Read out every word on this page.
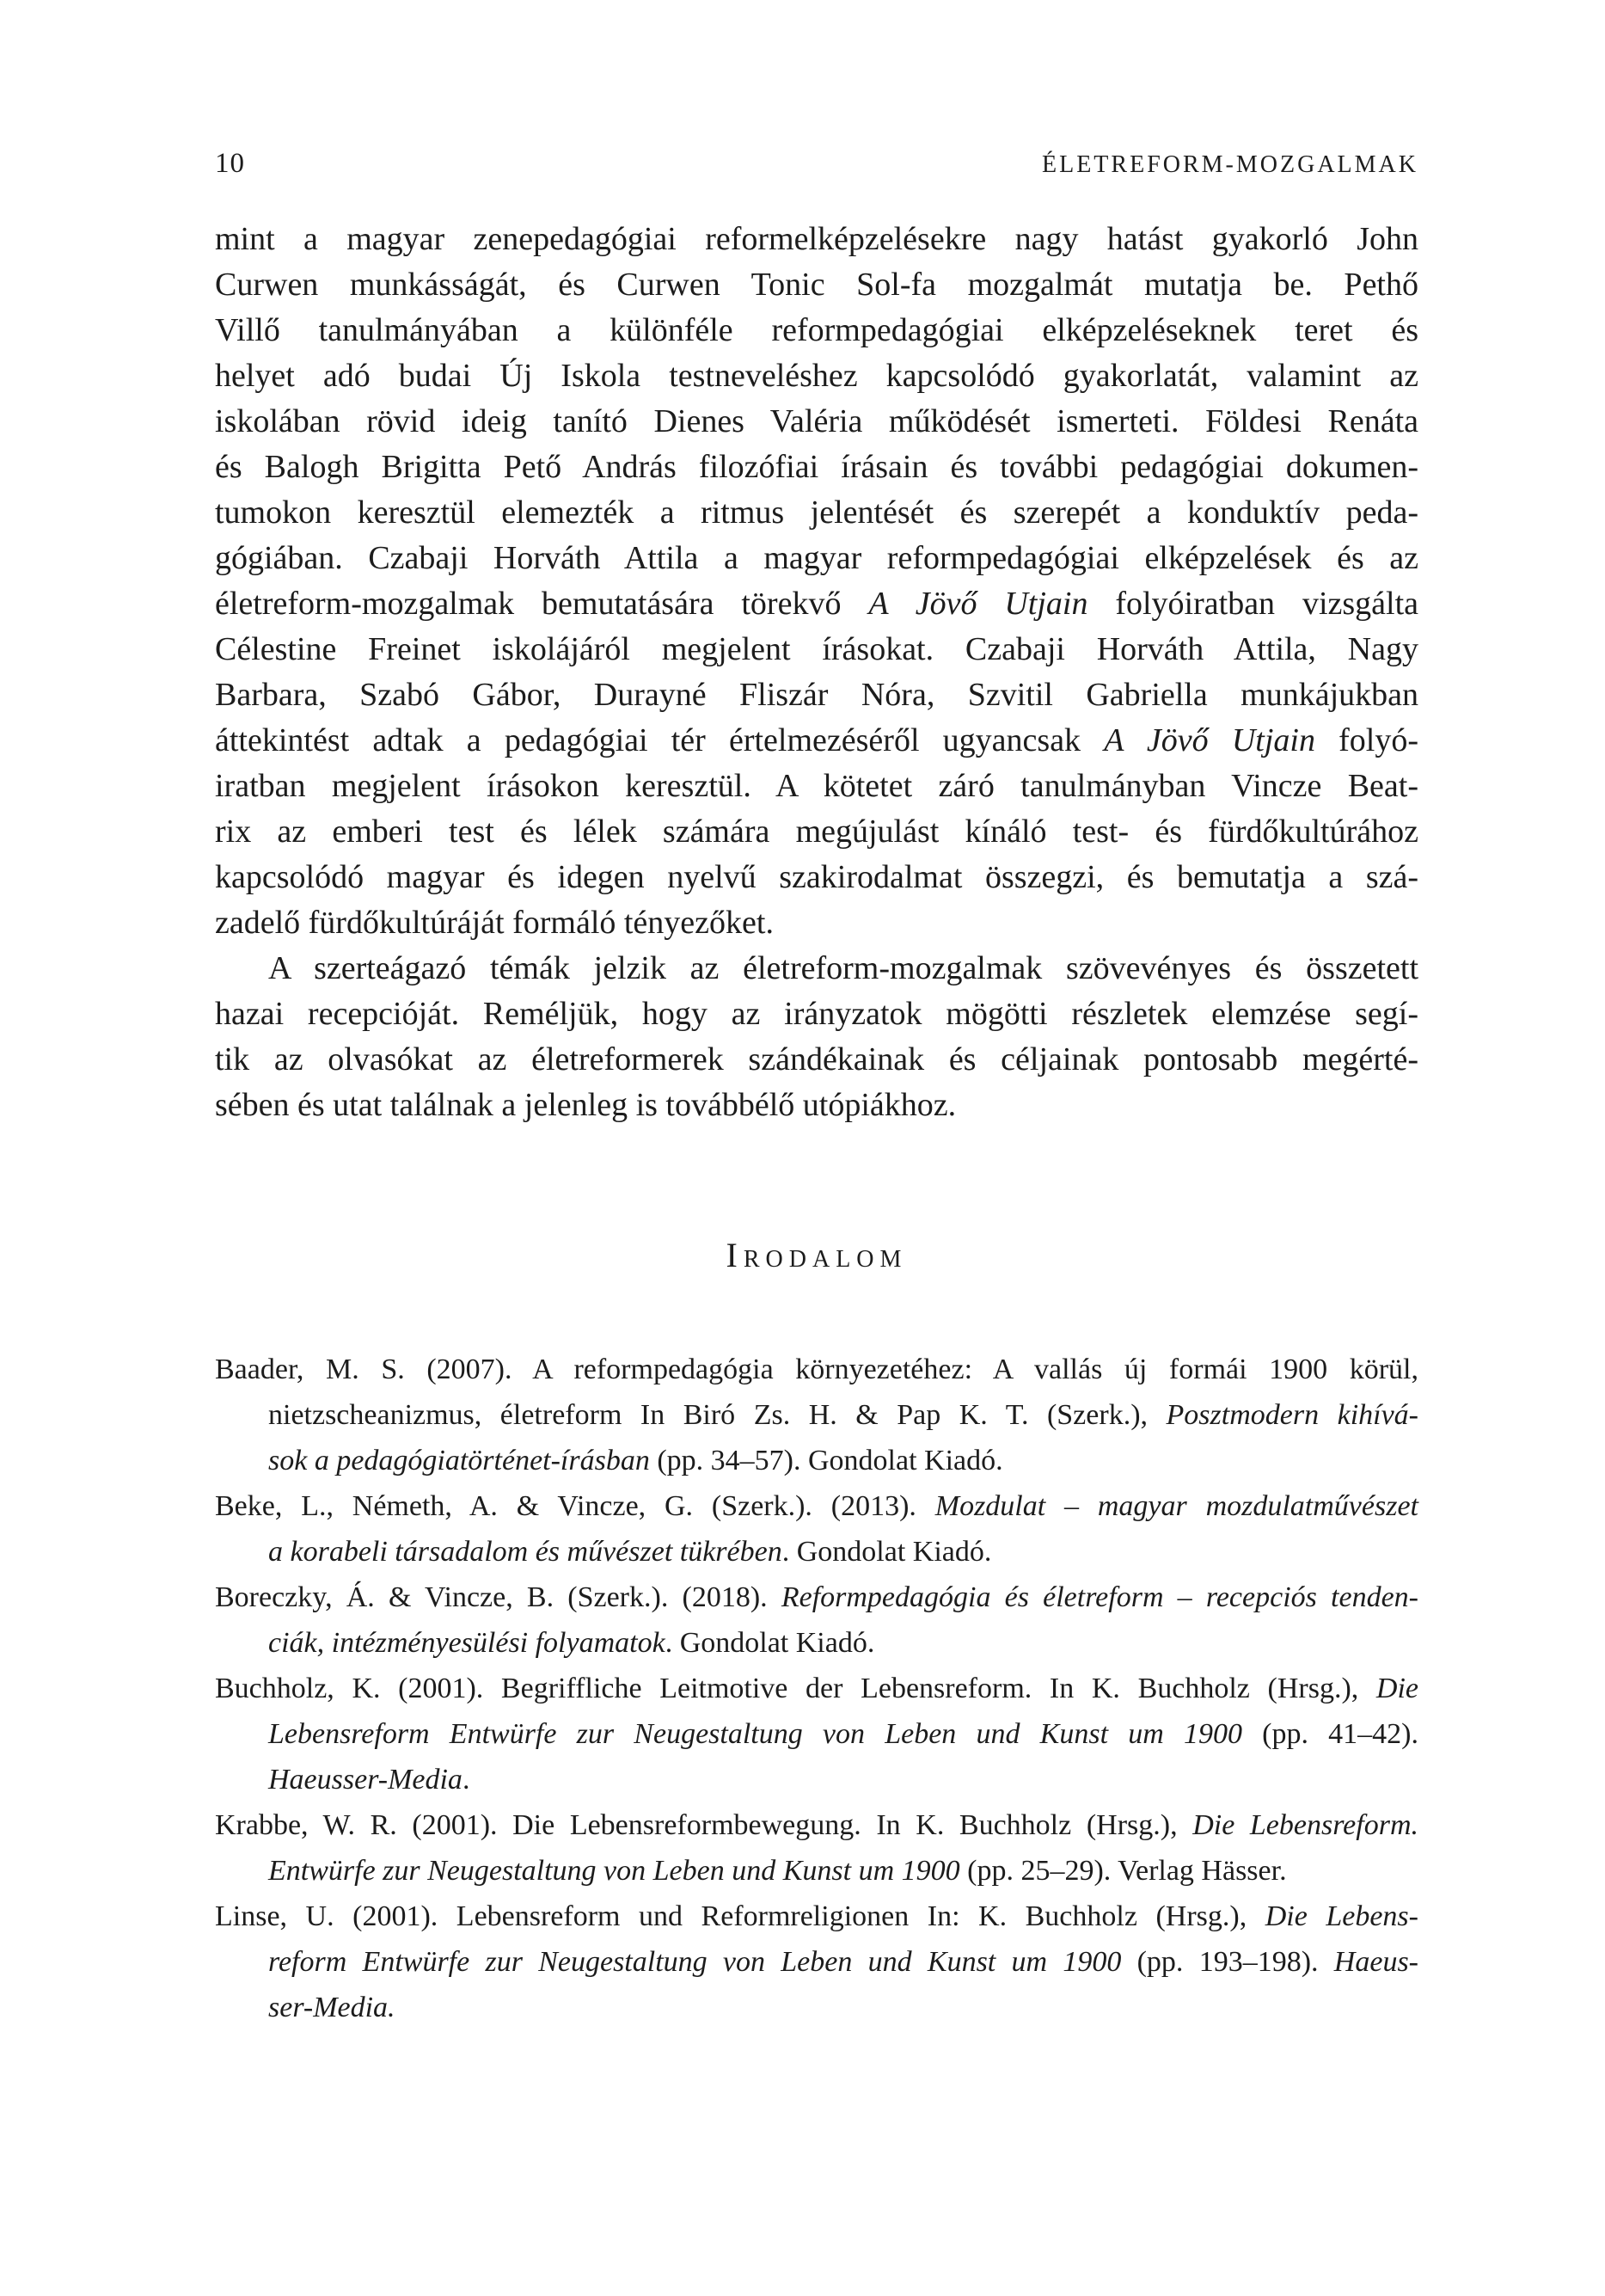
10	ÉLETREFORM-MOZGALMAK
mint a magyar zenepedagógiai reformelképzelésekre nagy hatást gyakorló John
Curwen munkásságát, és Curwen Tonic Sol-fa mozgalmát mutatja be. Pethő
Villő tanulmányában a különféle reformpedagógiai elképzeléseknek teret és
helyet adó budai Új Iskola testneveléshez kapcsolódó gyakorlatát, valamint az
iskolában rövid ideig tanító Dienes Valéria működését ismerteti. Földesi Renáta
és Balogh Brigitta Pető András filozófiai írásain és további pedagógiai dokumen-
tumokon keresztül elemezték a ritmus jelentését és szerepét a konduktív peda-
gógiában. Czabaji Horváth Attila a magyar reformpedagógiai elképzelések és az
életreform-mozgalmak bemutatására törekvő A Jövő Utjain folyóiratban vizsgálta
Célestine Freinet iskolájáról megjelent írásokat. Czabaji Horváth Attila, Nagy
Barbara, Szabó Gábor, Durayné Fliszár Nóra, Szvitil Gabriella munkájukban
áttekintést adtak a pedagógiai tér értelmezéséről ugyancsak A Jövő Utjain folyó-
iratban megjelent írásokon keresztül. A kötetet záró tanulmányban Vincze Beat-
rix az emberi test és lélek számára megújulást kínáló test- és fürdőkultúrához
kapcsolódó magyar és idegen nyelvű szakirodalmat összegzi, és bemutatja a szá-
zadelő fürdőkultúráját formáló tényezőket.
A szerteágazó témák jelzik az életreform-mozgalmak szövevényes és összetett
hazai recepcióját. Reméljük, hogy az irányzatok mögötti részletek elemzése segí-
tik az olvasókat az életreformerek szándékainak és céljainak pontosabb megérté-
sében és utat találnak a jelenleg is továbbélő utópiákhoz.
Irodalom
Baader, M. S. (2007). A reformpedagógia környezetéhez: A vallás új formái 1900 körül,
nietzscheanizmus, életreform In Biró Zs. H. & Pap K. T. (Szerk.), Posztmodern kihívá-
sok a pedagógiatörténet-írásban (pp. 34–57). Gondolat Kiadó.
Beke, L., Németh, A. & Vincze, G. (Szerk.). (2013). Mozdulat – magyar mozdulatművészet
a korabeli társadalom és művészet tükrében. Gondolat Kiadó.
Boreczky, Á. & Vincze, B. (Szerk.). (2018). Reformpedagógia és életreform – recepciós tenden-
ciák, intézményesülési folyamatok. Gondolat Kiadó.
Buchholz, K. (2001). Begriffliche Leitmotive der Lebensreform. In K. Buchholz (Hrsg.), Die
Lebensreform Entwürfe zur Neugestaltung von Leben und Kunst um 1900 (pp. 41–42).
Haeusser-Media.
Krabbe, W. R. (2001). Die Lebensreformbewegung. In K. Buchholz (Hrsg.), Die Lebensreform.
Entwürfe zur Neugestaltung von Leben und Kunst um 1900 (pp. 25–29). Verlag Hässer.
Linse, U. (2001). Lebensreform und Reformreligionen In: K. Buchholz (Hrsg.), Die Lebens-
reform Entwürfe zur Neugestaltung von Leben und Kunst um 1900 (pp. 193–198). Haeus-
ser-Media.
